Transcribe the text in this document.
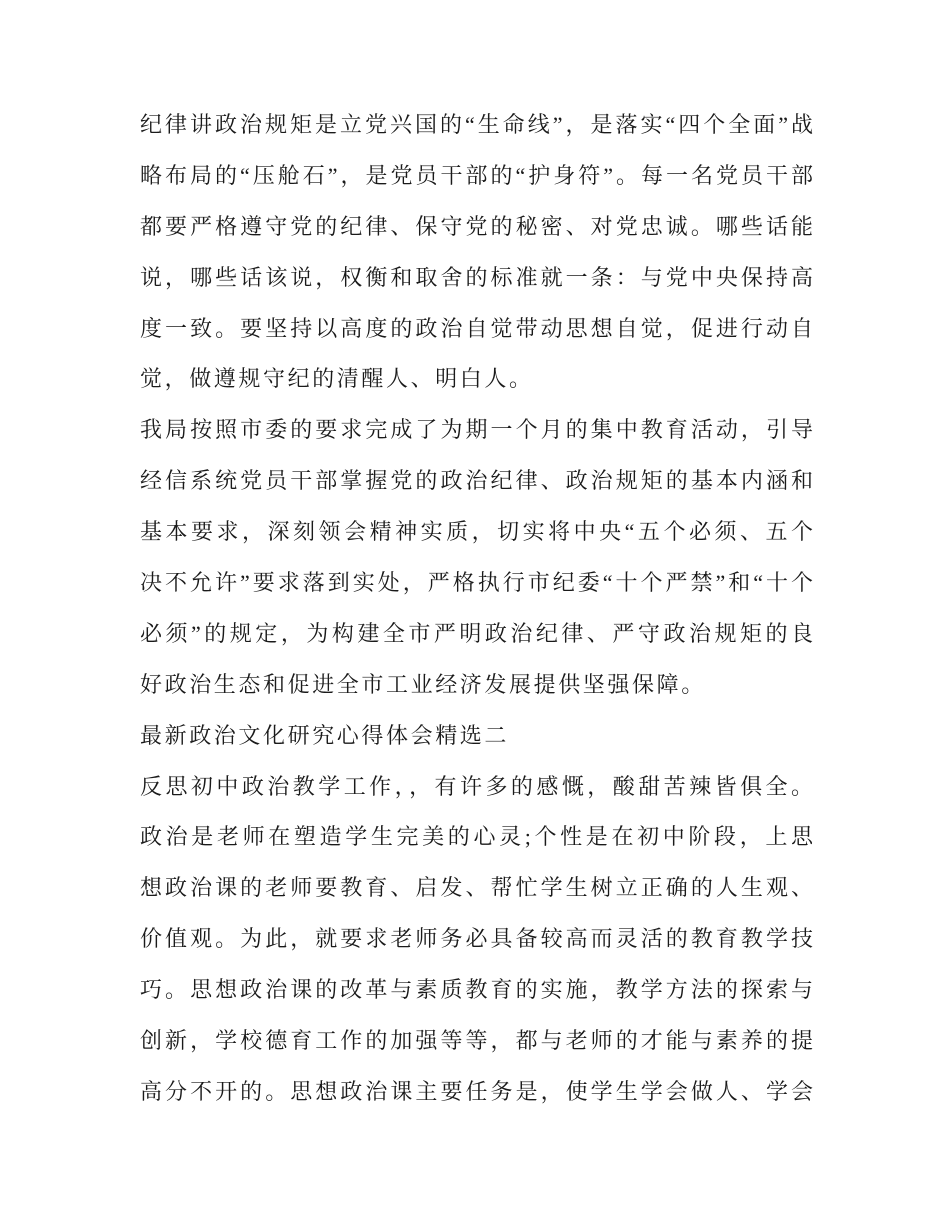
纪律讲政治规矩是立党兴国的“生命线”，是落实“四个全面”战
略布局的“压舱石”，是党员干部的“护身符”。每一名党员干部
都要严格遵守党的纪律、保守党的秘密、对党忠诚。哪些话能
说，哪些话该说，权衡和取舍的标准就一条：与党中央保持高
度一致。要坚持以高度的政治自觉带动思想自觉，促进行动自
觉，做遵规守纪的清醒人、明白人。
我局按照市委的要求完成了为期一个月的集中教育活动，引导
经信系统党员干部掌握党的政治纪律、政治规矩的基本内涵和
基本要求，深刻领会精神实质，切实将中央“五个必须、五个
决不允许”要求落到实处，严格执行市纪委“十个严禁”和“十个
必须”的规定，为构建全市严明政治纪律、严守政治规矩的良
好政治生态和促进全市工业经济发展提供坚强保障。
最新政治文化研究心得体会精选二
反思初中政治教学工作，，有许多的感慨，酸甜苦辣皆俱全。
政治是老师在塑造学生完美的心灵;个性是在初中阶段，上思
想政治课的老师要教育、启发、帮忙学生树立正确的人生观、
价值观。为此，就要求老师务必具备较高而灵活的教育教学技
巧。思想政治课的改革与素质教育的实施，教学方法的探索与
创新，学校德育工作的加强等等，都与老师的才能与素养的提
高分不开的。思想政治课主要任务是，使学生学会做人、学会
